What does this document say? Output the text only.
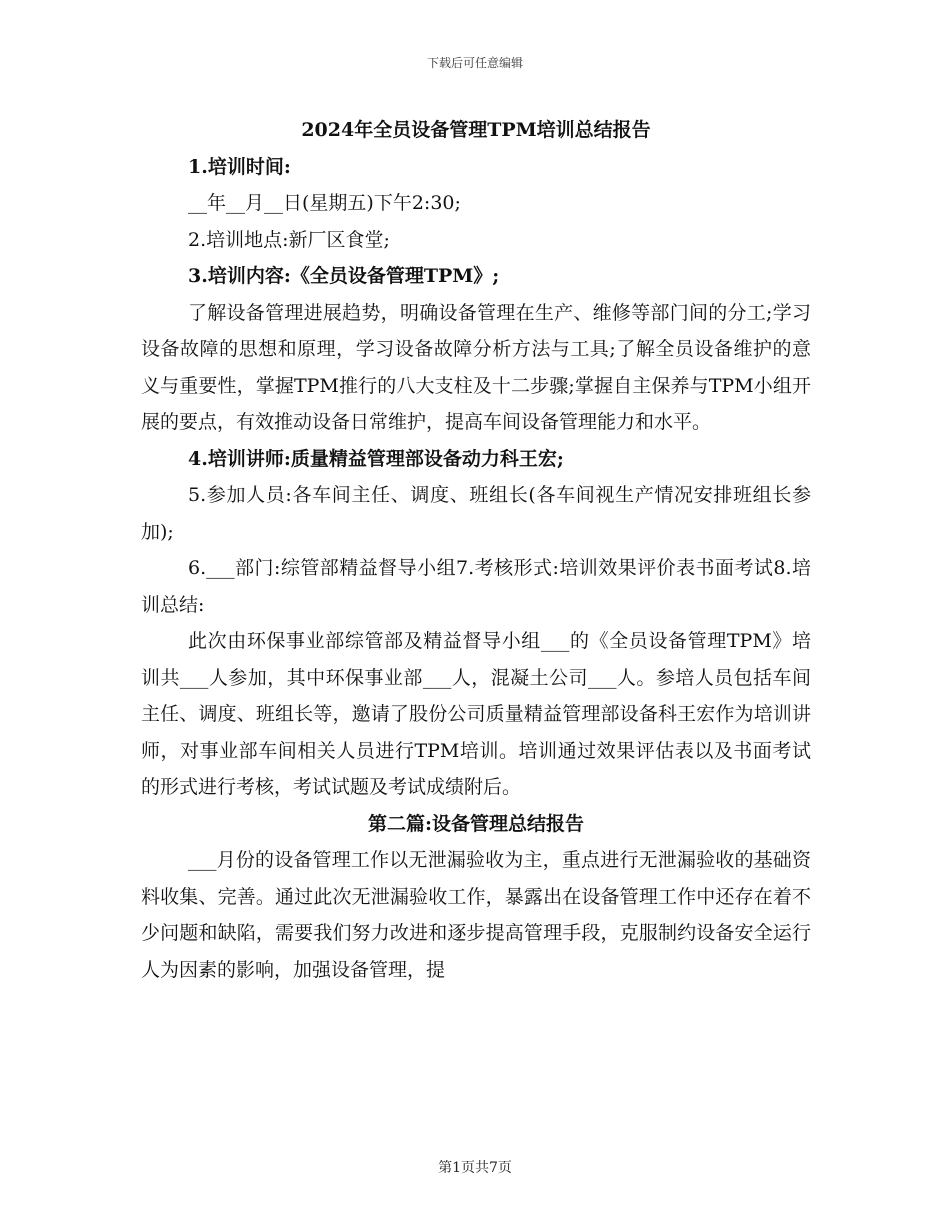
下载后可任意编辑

2024年全员设备管理TPM培训总结报告

1.培训时间:

__年__月__日(星期五)下午2:30;

2.培训地点:新厂区食堂;

3.培训内容:《全员设备管理TPM》;

了解设备管理进展趋势，明确设备管理在生产、维修等部门间的分工;学习设备故障的思想和原理，学习设备故障分析方法与工具;了解全员设备维护的意义与重要性，掌握TPM推行的八大支柱及十二步骤;掌握自主保养与TPM小组开展的要点，有效推动设备日常维护，提高车间设备管理能力和水平。

4.培训讲师:质量精益管理部设备动力科王宏;

5.参加人员:各车间主任、调度、班组长(各车间视生产情况安排班组长参加);

6.___部门:综管部精益督导小组7.考核形式:培训效果评价表书面考试8.培训总结:

此次由环保事业部综管部及精益督导小组___的《全员设备管理TPM》培训共___人参加，其中环保事业部___人，混凝土公司___人。参培人员包括车间主任、调度、班组长等，邀请了股份公司质量精益管理部设备科王宏作为培训讲师，对事业部车间相关人员进行TPM培训。培训通过效果评估表以及书面考试的形式进行考核，考试试题及考试成绩附后。

第二篇:设备管理总结报告

___月份的设备管理工作以无泄漏验收为主，重点进行无泄漏验收的基础资料收集、完善。通过此次无泄漏验收工作，暴露出在设备管理工作中还存在着不少问题和缺陷，需要我们努力改进和逐步提高管理手段，克服制约设备安全运行人为因素的影响，加强设备管理，提

第1页共7页
